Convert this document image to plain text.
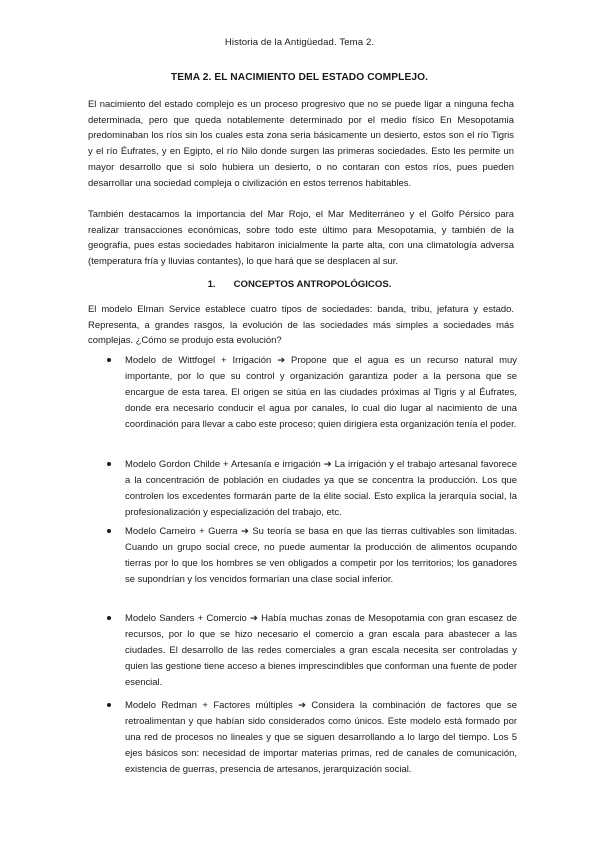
Historia de la Antigüedad. Tema 2.
TEMA 2. EL NACIMIENTO DEL ESTADO COMPLEJO.

El nacimiento del estado complejo es un proceso progresivo que no se puede ligar a ninguna fecha determinada, pero que queda notablemente determinado por el medio físico En Mesopotamia predominaban los ríos sin los cuales esta zona seria básicamente un desierto, estos son el río Tigris y el río Éufrates, y en Egipto, el río Nilo donde surgen las primeras sociedades. Esto les permite un mayor desarrollo que si solo hubiera un desierto, o no contaran con estos ríos, pues pueden desarrollar una sociedad compleja o civilización en estos terrenos habitables.

También destacamos la importancia del Mar Rojo, el Mar Mediterráneo y el Golfo Pérsico para realizar transacciones económicas, sobre todo este último para Mesopotamia, y también de la geografía, pues estas sociedades habitaron inicialmente la parte alta, con una climatología adversa (temperatura fría y lluvias contantes), lo que hará que se desplacen al sur.

1. CONCEPTOS ANTROPOLÓGICOS.

El modelo Elman Service establece cuatro tipos de sociedades: banda, tribu, jefatura y estado. Representa, a grandes rasgos, la evolución de las sociedades más simples a sociedades más complejas. ¿Cómo se produjo esta evolución?

Modelo de Wittfogel + Irrigación ➔ Propone que el agua es un recurso natural muy importante, por lo que su control y organización garantiza poder a la persona que se encargue de esta tarea. El origen se sitúa en las ciudades próximas al Tigris y al Éufrates, donde era necesario conducir el agua por canales, lo cual dio lugar al nacimiento de una coordinación para llevar a cabo este proceso; quien dirigiera esta organización tenía el poder.

Modelo Gordon Childe + Artesanía e irrigación ➔ La irrigación y el trabajo artesanal favorece a la concentración de población en ciudades ya que se concentra la producción. Los que controlen los excedentes formarán parte de la élite social. Esto explica la jerarquía social, la profesionalización y especialización del trabajo, etc.

Modelo Carneiro + Guerra ➔ Su teoría se basa en que las tierras cultivables son limitadas. Cuando un grupo social crece, no puede aumentar la producción de alimentos ocupando tierras por lo que los hombres se ven obligados a competir por los territorios; los ganadores se supondrían y los vencidos formarían una clase social inferior.

Modelo Sanders + Comercio ➔ Había muchas zonas de Mesopotamia con gran escasez de recursos, por lo que se hizo necesario el comercio a gran escala para abastecer a las ciudades. El desarrollo de las redes comerciales a gran escala necesita ser controladas y quien las gestione tiene acceso a bienes imprescindibles que conforman una fuente de poder esencial.

Modelo Redman + Factores múltiples ➔ Considera la combinación de factores que se retroalimentan y que habían sido considerados como únicos. Este modelo está formado por una red de procesos no lineales y que se siguen desarrollando a lo largo del tiempo. Los 5 ejes básicos son: necesidad de importar materias primas, red de canales de comunicación, existencia de guerras, presencia de artesanos, jerarquización social.
